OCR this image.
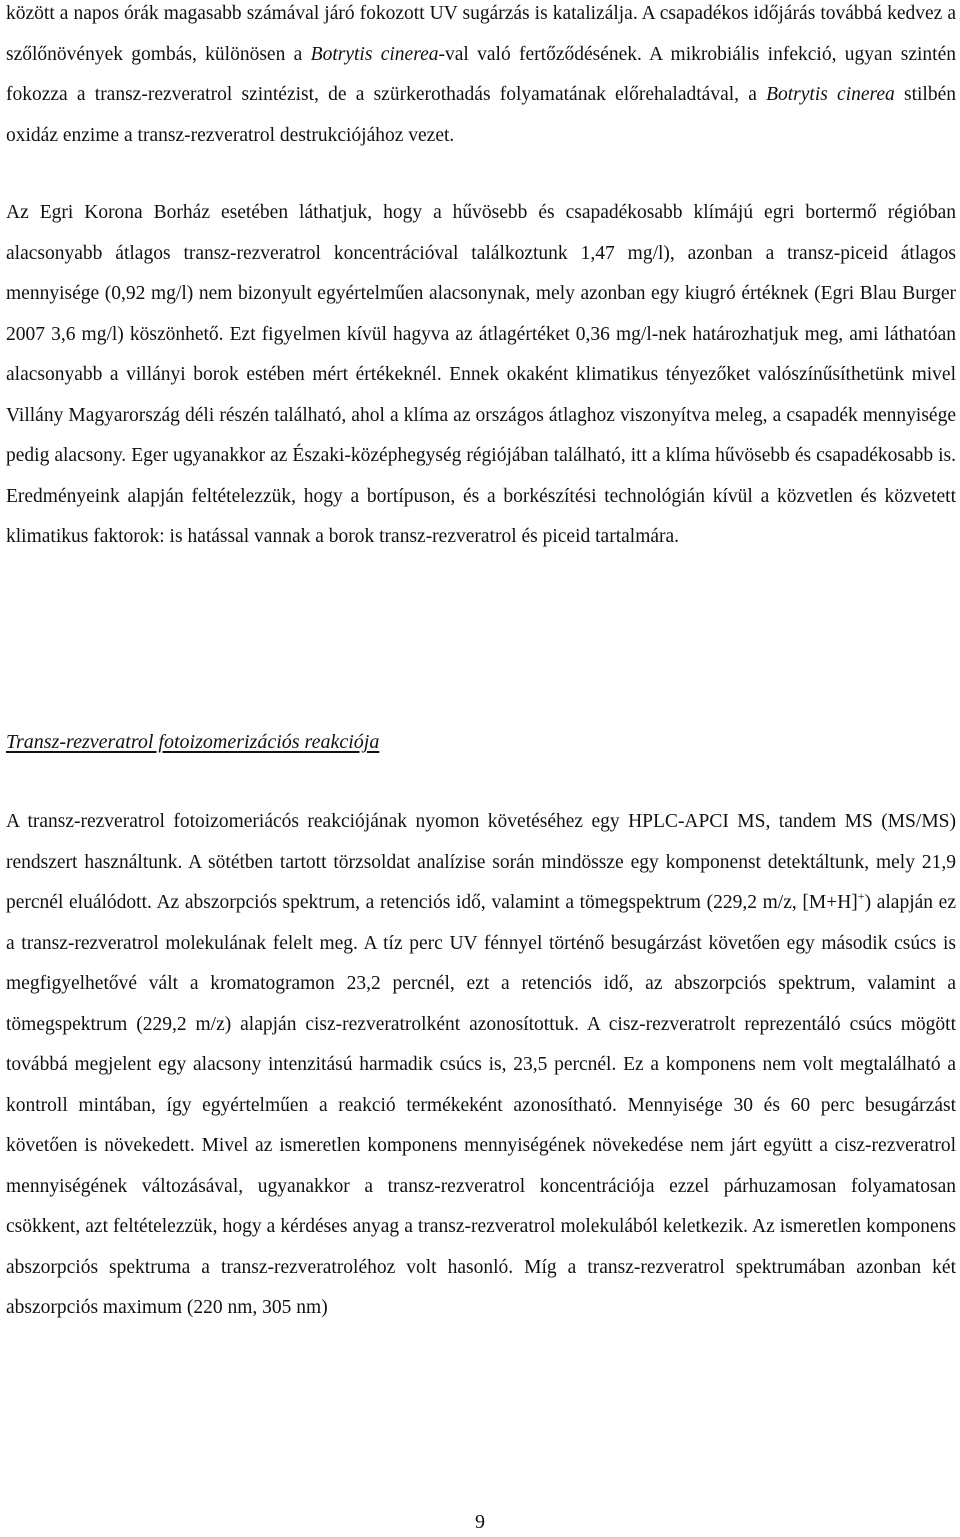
között a napos órák magasabb számával járó fokozott UV sugárzás is katalizálja. A csapadékos időjárás továbbá kedvez a szőlőnövények gombás, különösen a Botrytis cinerea-val való fertőződésének. A mikrobiális infekció, ugyan szintén fokozza a transz-rezveratrol szintézist, de a szürkerothadás folyamatának előrehaladtával, a Botrytis cinerea stilbén oxidáz enzime a transz-rezveratrol destrukciójához vezet.

Az Egri Korona Borház esetében láthatjuk, hogy a hűvösebb és csapadékosabb klímájú egri bortermő régióban alacsonyabb átlagos transz-rezveratrol koncentrációval találkoztunk 1,47 mg/l), azonban a transz-piceid átlagos mennyisége (0,92 mg/l) nem bizonyult egyértelműen alacsonynak, mely azonban egy kiugró értéknek (Egri Blau Burger 2007 3,6 mg/l) köszönhető. Ezt figyelmen kívül hagyva az átlagértéket 0,36 mg/l-nek határozhatjuk meg, ami láthatóan alacsonyabb a villányi borok estében mért értékeknél. Ennek okaként klimatikus tényezőket valószínűsíthetünk mivel Villány Magyarország déli részén található, ahol a klíma az országos átlaghoz viszonyítva meleg, a csapadék mennyisége pedig alacsony. Eger ugyanakkor az Északi-középhegység régiójában található, itt a klíma hűvösebb és csapadékosabb is. Eredményeink alapján feltételezzük, hogy a bortípuson, és a borkészítési technológián kívül a közvetlen és közvetett klimatikus faktorok: is hatással vannak a borok transz-rezveratrol és piceid tartalmára.

Transz-rezveratrol fotoizomerizációs reakciója

A transz-rezveratrol fotoizomeriácós reakciójának nyomon követéséhez egy HPLC-APCI MS, tandem MS (MS/MS) rendszert használtunk. A sötétben tartott törzsoldat analízise során mindössze egy komponenst detektáltunk, mely 21,9 percnél eluálódott. Az abszorpciós spektrum, a retenciós idő, valamint a tömegspektrum (229,2 m/z, [M+H]+) alapján ez a transz-rezveratrol molekulának felelt meg. A tíz perc UV fénnyel történő besugárzást követően egy második csúcs is megfigyelhetővé vált a kromatogramon 23,2 percnél, ezt a retenciós idő, az abszorpciós spektrum, valamint a tömegspektrum (229,2 m/z) alapján cisz-rezveratrolként azonosítottuk. A cisz-rezveratrolt reprezentáló csúcs mögött továbbá megjelent egy alacsony intenzitású harmadik csúcs is, 23,5 percnél. Ez a komponens nem volt megtalálható a kontroll mintában, így egyértelműen a reakció termékeként azonosítható. Mennyisége 30 és 60 perc besugárzást követően is növekedett. Mivel az ismeretlen komponens mennyiségének növekedése nem járt együtt a cisz-rezveratrol mennyiségének változásával, ugyanakkor a transz-rezveratrol koncentrációja ezzel párhuzamosan folyamatosan csökkent, azt feltételezzük, hogy a kérdéses anyag a transz-rezveratrol molekulából keletkezik. Az ismeretlen komponens abszorpciós spektruma a transz-rezveratroléhoz volt hasonló. Míg a transz-rezveratrol spektrumában azonban két abszorpciós maximum (220 nm, 305 nm)

9
